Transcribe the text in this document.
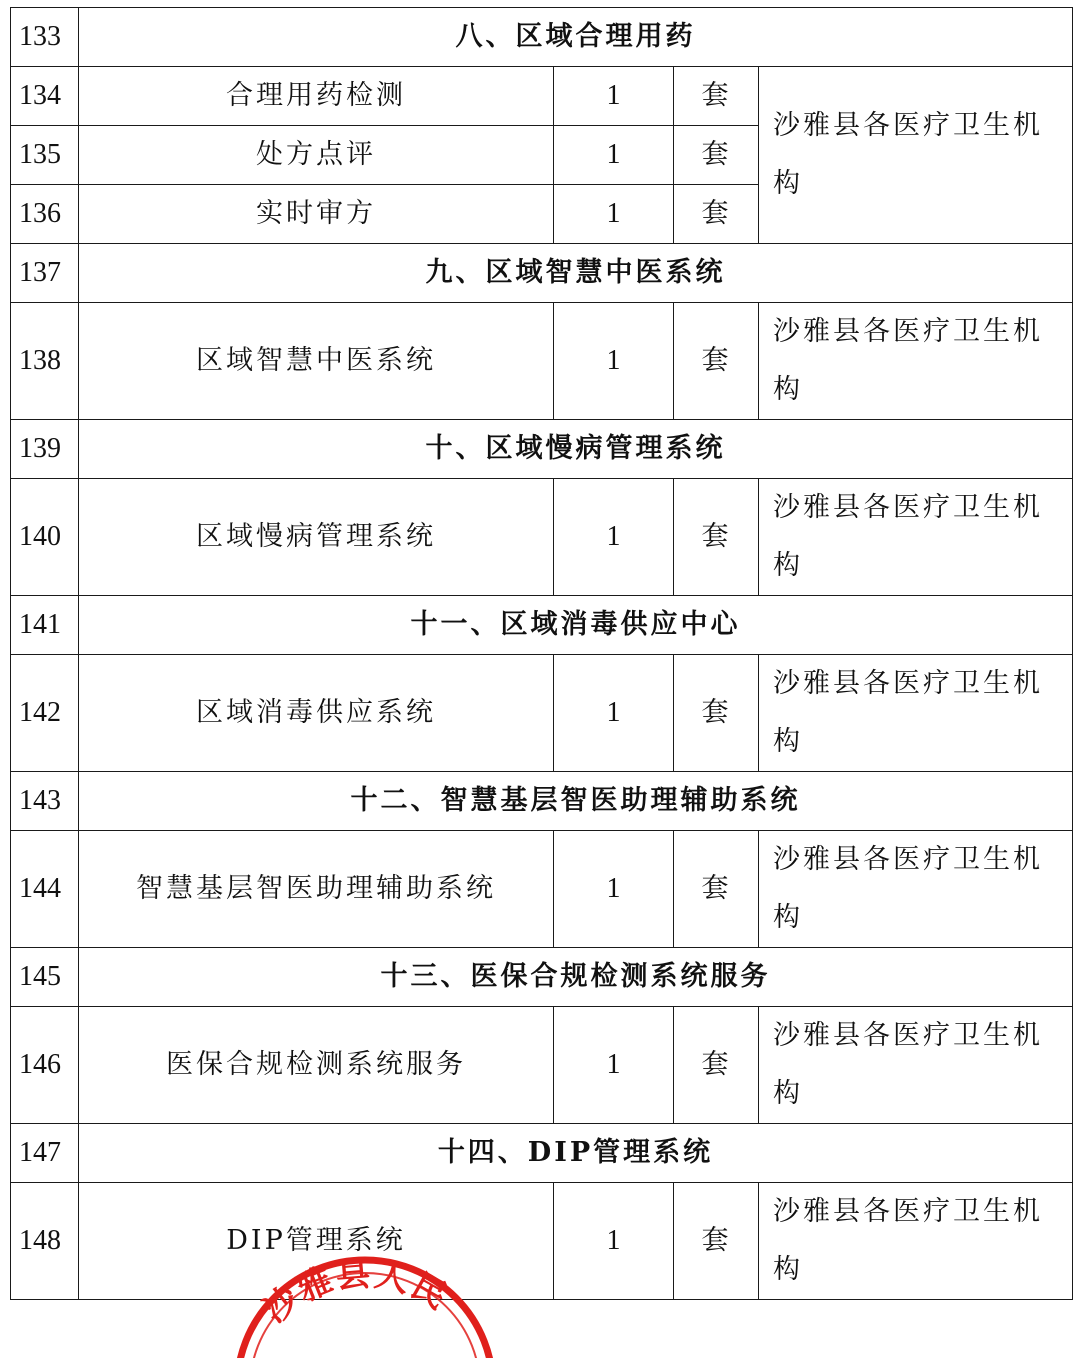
133	八、区域合理用药			
134	合理用药检测	1	套	沙雅县各医疗卫生机构
135	处方点评	1	套	
136	实时审方	1	套	
137	九、区域智慧中医系统			
138	区域智慧中医系统	1	套	沙雅县各医疗卫生机构
139	十、区域慢病管理系统			
140	区域慢病管理系统	1	套	沙雅县各医疗卫生机构
141	十一、区域消毒供应中心			
142	区域消毒供应系统	1	套	沙雅县各医疗卫生机构
143	十二、智慧基层智医助理辅助系统			
144	智慧基层智医助理辅助系统	1	套	沙雅县各医疗卫生机构
145	十三、医保合规检测系统服务			
146	医保合规检测系统服务	1	套	沙雅县各医疗卫生机构
147	十四、DIP管理系统			
148	DIP管理系统	1	套	沙雅县各医疗卫生机构
沙雅县人民
